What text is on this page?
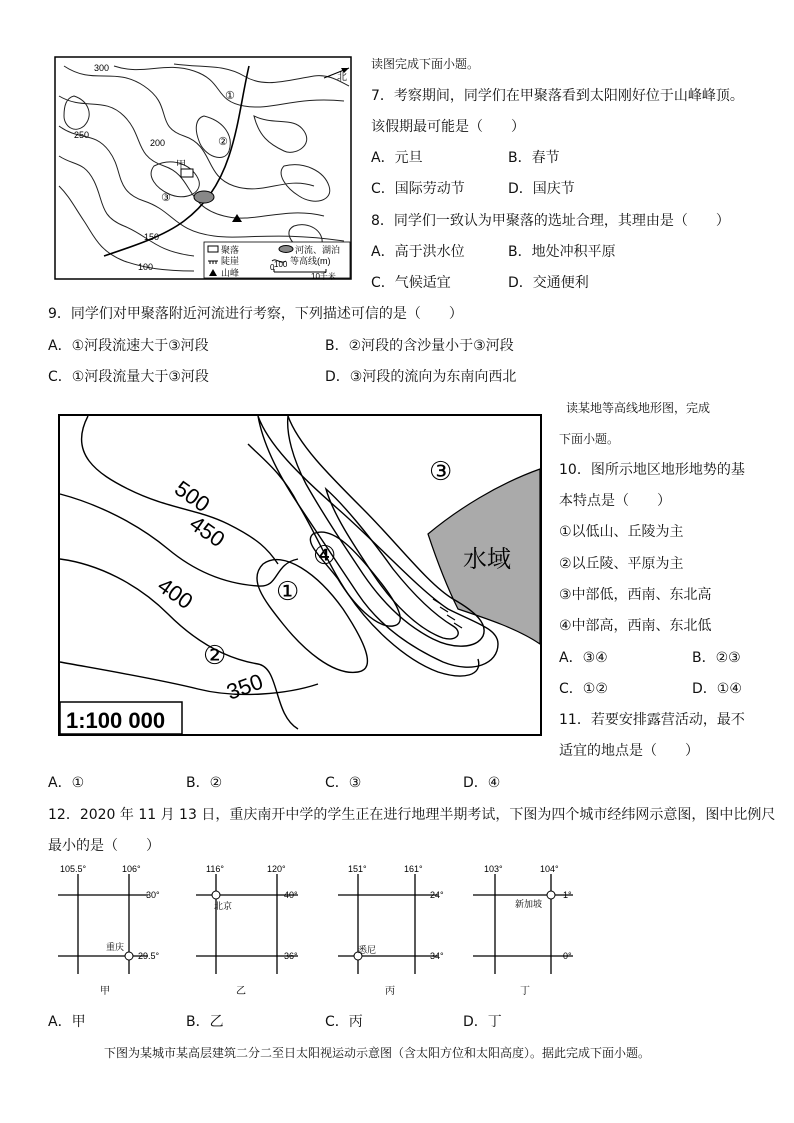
北
300
250
200
150
100
①
②
③
甲
聚落	河流、湖泊
陡崖	100 等高线(m)
山峰
0
10千米
读图完成下面小题。
7．考察期间，同学们在甲聚落看到太阳刚好位于山峰峰顶。
该假期最可能是（　　）
A．元旦	B．春节
C．国际劳动节	D．国庆节
8．同学们一致认为甲聚落的选址合理，其理由是（　　）
A．高于洪水位	B．地处冲积平原
C．气候适宜	D．交通便利
9．同学们对甲聚落附近河流进行考察，下列描述可信的是（　　）
A．①河段流速大于③河段	B．②河段的含沙量小于③河段
C．①河段流量大于③河段	D．③河段的流向为东南向西北
500
450
400
350
①
②
③
④	水域
1:100 000
读某地等高线地形图，完成
下面小题。
10．图所示地区地形地势的基
本特点是（　　）
①以低山、丘陵为主
②以丘陵、平原为主
③中部低，西南、东北高
④中部高，西南、东北低
A．③④	B．②③
C．①②	D．①④
11．若要安排露营活动，最不
适宜的地点是（　　）
A．①	B．②	C．③	D．④
12．2020 年 11 月 13 日，重庆南开中学的学生正在进行地理半期考试，下图为四个城市经纬网示意图，图中比例尺
最小的是（　　）
105.5°	106°
30°
29.5°
重庆
甲
116°	120°
40°
36°
北京
乙
151°	161°
24°
34°
悉尼
丙
103°	104°
1°
0°
新加坡
丁
A．甲	B．乙	C．丙	D．丁
下图为某城市某高层建筑二分二至日太阳视运动示意图（含太阳方位和太阳高度）。据此完成下面小题。
